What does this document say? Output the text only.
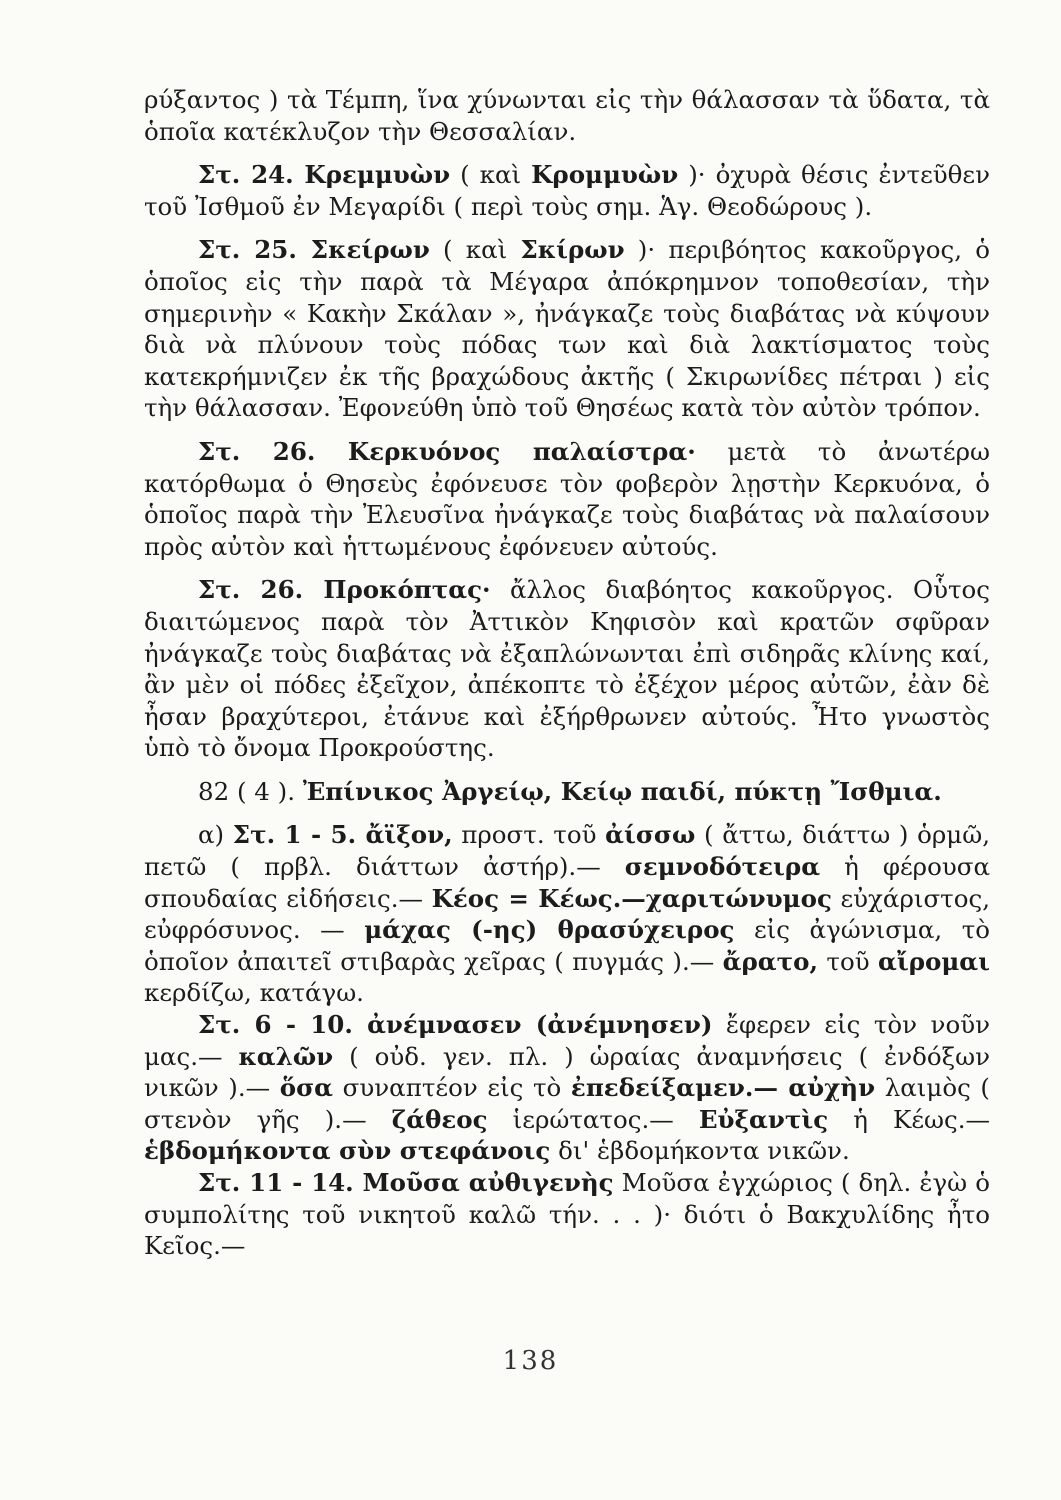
ρύξαντος ) τὰ Τέμπη, ἵνα χύνωνται εἰς τὴν θάλασσαν τὰ ὕδατα, τὰ ὁποῖα κατέκλυζον τὴν Θεσσαλίαν.

Στ. 24. Κρεμμυὼν ( καὶ Κρομμυὼν )· ὀχυρὰ θέσις ἐντεῦθεν τοῦ Ἰσθμοῦ ἐν Μεγαρίδι ( περὶ τοὺς σημ. Ἁγ. Θεοδώρους ).

Στ. 25. Σκείρων ( καὶ Σκίρων )· περιβόητος κακοῦργος, ὁ ὁποῖος εἰς τὴν παρὰ τὰ Μέγαρα ἀπόκρημνον τοποθεσίαν, τὴν σημερινὴν « Κακὴν Σκάλαν », ἠνάγκαζε τοὺς διαβάτας νὰ κύψουν διὰ νὰ πλύνουν τοὺς πόδας των καὶ διὰ λακτίσματος τοὺς κατεκρήμνιζεν ἐκ τῆς βραχώδους ἀκτῆς ( Σκιρωνίδες πέτραι ) εἰς τὴν θάλασσαν. Ἐφονεύθη ὑπὸ τοῦ Θησέως κατὰ τὸν αὐτὸν τρόπον.

Στ. 26. Κερκυόνος παλαίστρα· μετὰ τὸ ἀνωτέρω κατόρθωμα ὁ Θησεὺς ἐφόνευσε τὸν φοβερὸν λῃστὴν Κερκυόνα, ὁ ὁποῖος παρὰ τὴν Ἐλευσῖνα ἠνάγκαζε τοὺς διαβάτας νὰ παλαίσουν πρὸς αὐτὸν καὶ ἡττωμένους ἐφόνευεν αὐτούς.

Στ. 26. Προκόπτας· ἄλλος διαβόητος κακοῦργος. Οὗτος διαιτώμενος παρὰ τὸν Ἀττικὸν Κηφισὸν καὶ κρατῶν σφῦραν ἠνάγκαζε τοὺς διαβάτας νὰ ἐξαπλώνωνται ἐπὶ σιδηρᾶς κλίνης καί, ἂν μὲν οἱ πόδες ἐξεῖχον, ἀπέκοπτε τὸ ἐξέχον μέρος αὐτῶν, ἐὰν δὲ ἦσαν βραχύτεροι, ἐτάνυε καὶ ἐξήρθρωνεν αὐτούς. Ἦτο γνωστὸς ὑπὸ τὸ ὄνομα Προκρούστης.

82 ( 4 ). Ἐπίνικος Ἀργείῳ, Κείῳ παιδί, πύκτῃ Ἴσθμια.

α) Στ. 1 - 5. ἄϊξον, προστ. τοῦ ἀίσσω ( ἄττω, διάττω ) ὁρμῶ, πετῶ ( πρβλ. διάττων ἀστήρ).— σεμνοδότειρα ἡ φέρουσα σπουδαίας εἰδήσεις.— Κέος = Κέως.—χαριτώνυμος εὐχάριστος, εὐφρόσυνος. — μάχας (-ης) θρασύχειρος εἰς ἀγώνισμα, τὸ ὁποῖον ἀπαιτεῖ στιβαρὰς χεῖρας ( πυγμάς ).— ἄρατο, τοῦ αἴρομαι κερδίζω, κατάγω.

Στ. 6 - 10. ἀνέμνασεν (ἀνέμνησεν) ἔφερεν εἰς τὸν νοῦν μας.— καλῶν ( οὐδ. γεν. πλ. ) ὡραίας ἀναμνήσεις ( ἐνδόξων νικῶν ).— ὅσα συναπτέον εἰς τὸ ἐπεδείξαμεν.— αὐχὴν λαιμὸς ( στενὸν γῆς ).— ζάθεος ἱερώτατος.— Εὐξαντὶς ἡ Κέως.— ἑβδομήκοντα σὺν στεφάνοις δι' ἑβδομήκοντα νικῶν.

Στ. 11 - 14. Μοῦσα αὐθιγενὴς Μοῦσα ἐγχώριος ( δηλ. ἐγὼ ὁ συμπολίτης τοῦ νικητοῦ καλῶ τήν. . . )· διότι ὁ Βακχυλίδης ἦτο Κεῖος.—

138
